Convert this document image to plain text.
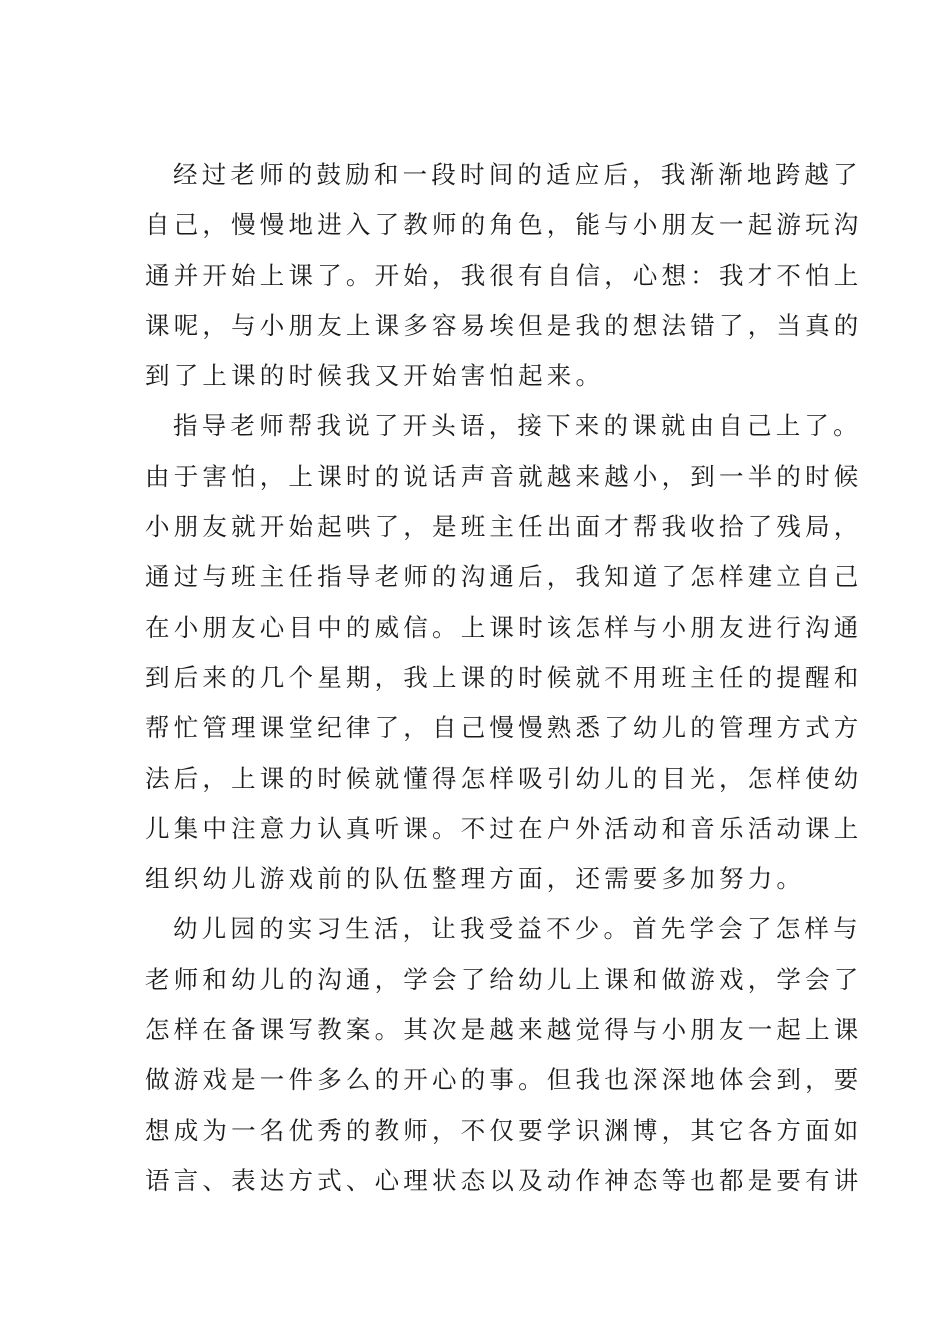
经过老师的鼓励和一段时间的适应后，我渐渐地跨越了
自己，慢慢地进入了教师的角色，能与小朋友一起游玩沟
通并开始上课了。开始，我很有自信，心想：我才不怕上
课呢，与小朋友上课多容易埃但是我的想法错了，当真的
到了上课的时候我又开始害怕起来。
指导老师帮我说了开头语，接下来的课就由自己上了。
由于害怕，上课时的说话声音就越来越小，到一半的时候
小朋友就开始起哄了，是班主任出面才帮我收拾了残局，
通过与班主任指导老师的沟通后，我知道了怎样建立自己
在小朋友心目中的威信。上课时该怎样与小朋友进行沟通
到后来的几个星期，我上课的时候就不用班主任的提醒和
帮忙管理课堂纪律了，自己慢慢熟悉了幼儿的管理方式方
法后，上课的时候就懂得怎样吸引幼儿的目光，怎样使幼
儿集中注意力认真听课。不过在户外活动和音乐活动课上
组织幼儿游戏前的队伍整理方面，还需要多加努力。
幼儿园的实习生活，让我受益不少。首先学会了怎样与
老师和幼儿的沟通，学会了给幼儿上课和做游戏，学会了
怎样在备课写教案。其次是越来越觉得与小朋友一起上课
做游戏是一件多么的开心的事。但我也深深地体会到，要
想成为一名优秀的教师，不仅要学识渊博，其它各方面如
语言、表达方式、心理状态以及动作神态等也都是要有讲
